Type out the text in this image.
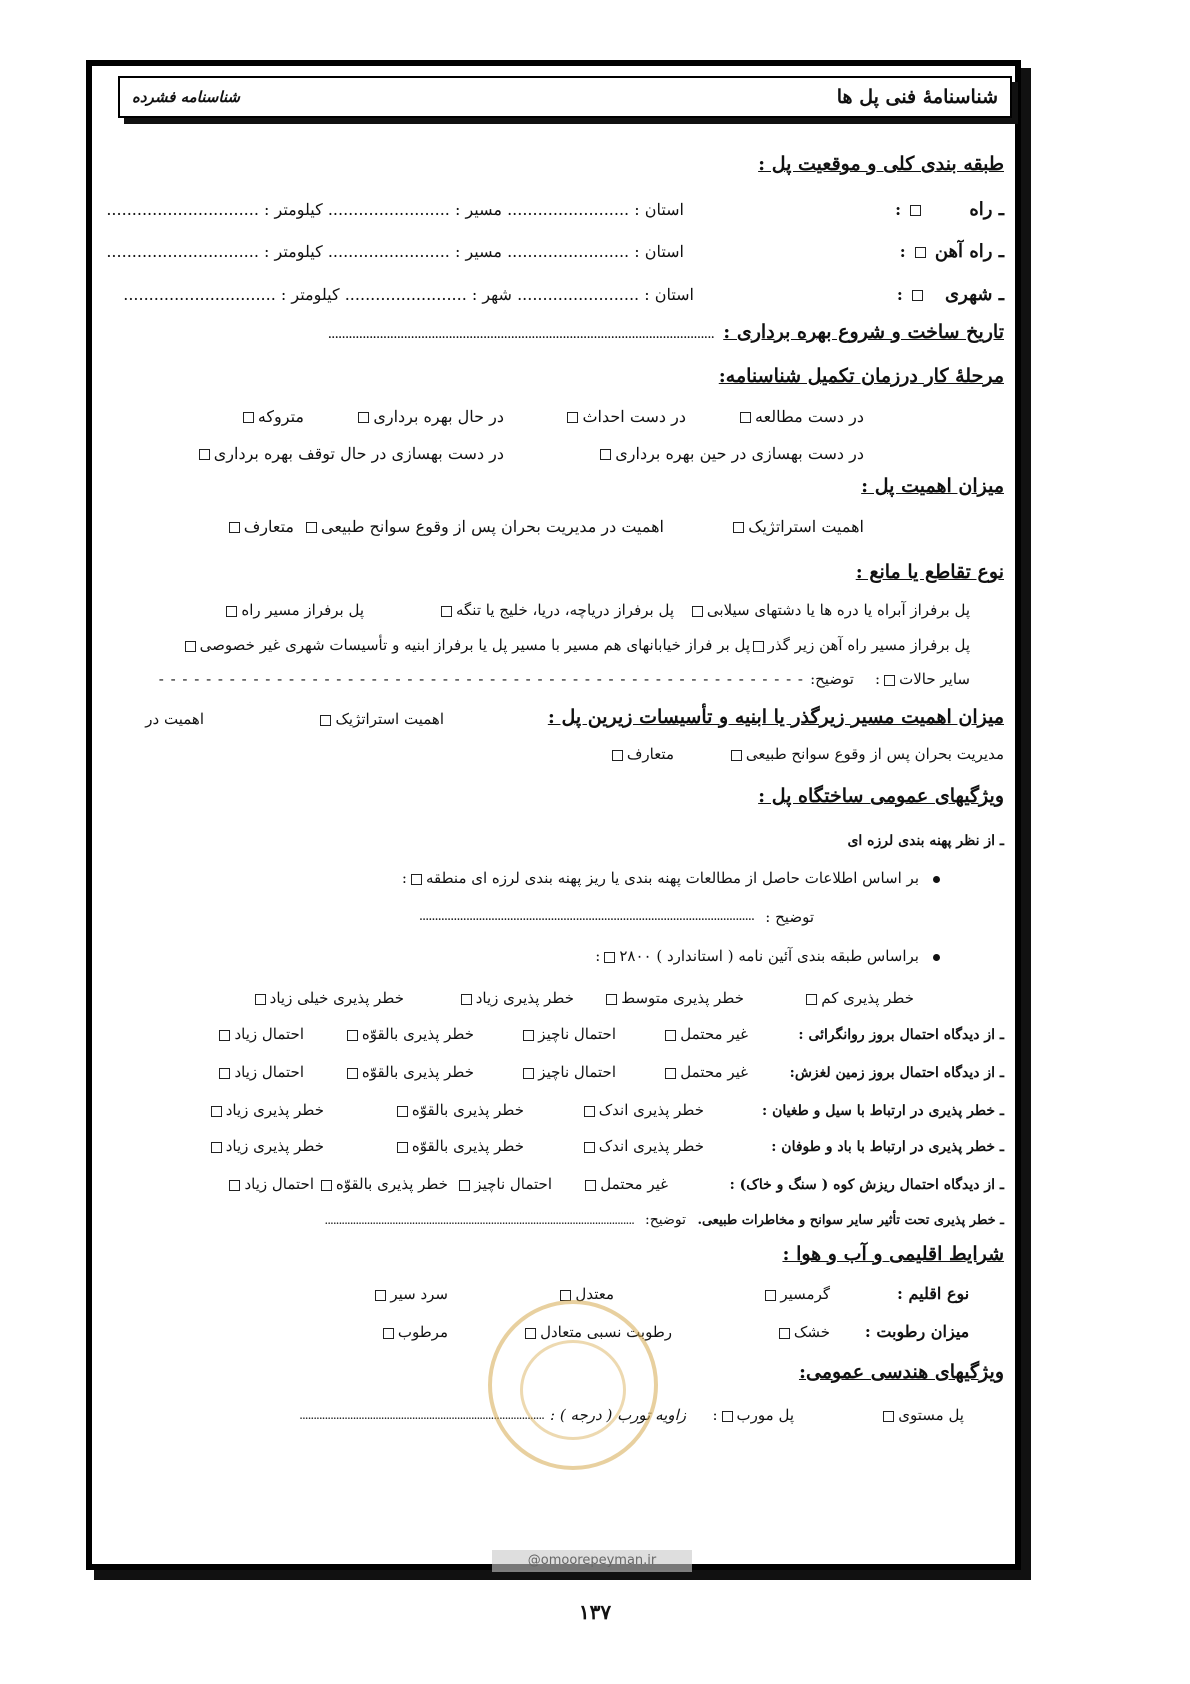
شناسنامۀ فنی پل ها
شناسنامه فشرده
طبقه بندی کلی و موقعیت پل :
ـ راه   :
استان : ........................ مسیر : ........................ کیلومتر : ..............................
ـ راه آهن  :
استان : ........................ مسیر : ........................ کیلومتر : ..............................
ـ شهری   :
استان : ........................ شهر : ........................ کیلومتر : ..............................
تاریخ ساخت و شروع بهره برداری :
................................................................................................................
مرحلۀ کار درزمان تکمیل شناسنامه:
در دست مطالعه
در دست احداث
در حال بهره برداری
متروکه
در دست بهسازی در حین بهره برداری
در دست بهسازی در حال توقف بهره برداری
میزان اهمیت پل :
اهمیت استراتژیک
اهمیت در مدیریت بحران پس از وقوع سوانح طبیعی
متعارف
نوع تقاطع یا مانع :
پل برفراز آبراه یا دره ها یا دشتهای سیلابی
پل برفراز دریاچه، دریا، خلیج یا تنگه
پل برفراز مسیر راه
پل برفراز مسیر راه آهن زیر گذر
پل بر فراز خیابانهای هم مسیر با مسیر پل یا برفراز ابنیه و تأسیسات شهری غیر خصوصی
سایر حالات:
توضیح:
- - - - - - - - - - - - - - - - - - - - - - - - - - - - - - - - - - - - - - - - - - - - - - - - - - - - - - -
میزان اهمیت مسیر زیرگذر یا ابنیه و تأسیسات زیرین پل :
اهمیت استراتژیک
اهمیت در
مدیریت بحران پس از وقوع سوانح طبیعی
متعارف
ویژگیهای عمومی ساختگاه پل :
ـ از نظر پهنه بندی لرزه ای
بر اساس اطلاعات حاصل از مطالعات پهنه بندی یا ریز پهنه بندی لرزه ای منطقه:
توضیح :
...........................................................................................................
براساس طبقه بندی آئین نامه ( استاندارد ) ۲۸۰۰:
خطر پذیری کم
خطر پذیری متوسط
خطر پذیری زیاد
خطر پذیری خیلی زیاد
ـ از دیدگاه احتمال بروز روانگرائی :
غیر محتمل
احتمال ناچیز
خطر پذیری بالقوّه
احتمال زیاد
ـ از دیدگاه احتمال بروز زمین لغزش:
غیر محتمل
احتمال ناچیز
خطر پذیری بالقوّه
احتمال زیاد
ـ خطر پذیری در ارتباط با سیل و طغیان :
خطر پذیری اندک
خطر پذیری بالقوّه
خطر پذیری زیاد
ـ خطر پذیری در ارتباط با باد و طوفان :
خطر پذیری اندک
خطر پذیری بالقوّه
خطر پذیری زیاد
ـ از دیدگاه احتمال ریزش کوه ( سنگ و خاک) :
غیر محتمل
احتمال ناچیز
خطر پذیری بالقوّه
احتمال زیاد
ـ خطر پذیری تحت تأثیر سایر سوانح و مخاطرات طبیعی.
توضیح:
..............................................................................................................
شرایط اقلیمی و آب و هوا :
نوع اقلیم :
گرمسیر
معتدل
سرد سیر
میزان رطوبت :
خشک
رطوبت نسبی متعادل
مرطوب
ویژگیهای هندسی عمومی:
پل مستوی
پل مورب:
زاویه تورب ( درجه ) :
.......................................................................................
@omoorepeyman.ir
۱۳۷
